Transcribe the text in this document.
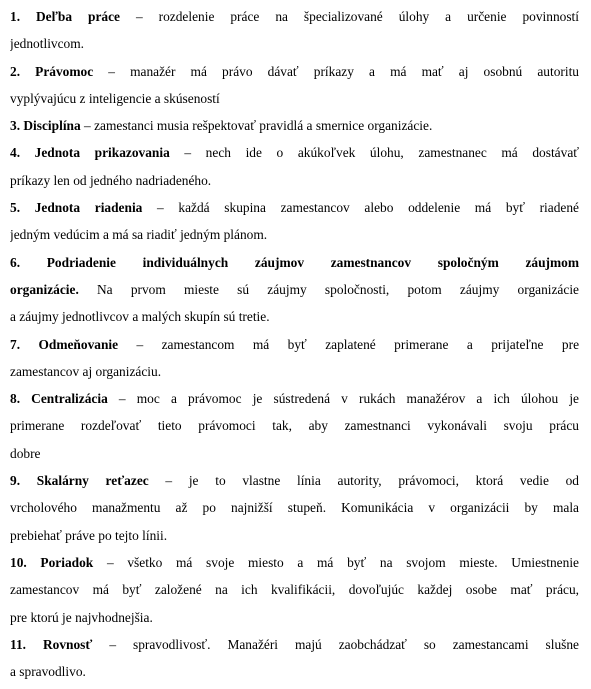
1. Deľba práce – rozdelenie práce na špecializované úlohy a určenie povinností
jednotlivcom.
2. Právomoc – manažér má právo dávať príkazy a má mať aj osobnú autoritu
vyplývajúcu z inteligencie a skúseností
3. Disciplína – zamestanci musia rešpektovať pravidlá a smernice organizácie.
4. Jednota prikazovania – nech ide o akúkoľvek úlohu, zamestnanec má dostávať
príkazy len od jedného nadriadeného.
5. Jednota riadenia – každá skupina zamestancov alebo oddelenie má byť riadené
jedným vedúcim a má sa riadiť jedným plánom.
6. Podriadenie individuálnych záujmov zamestnancov spoločným záujmom
organizácie. Na prvom mieste sú záujmy spoločnosti, potom záujmy organizácie
a záujmy jednotlivcov a malých skupín sú tretie.
7. Odmeňovanie – zamestancom má byť zaplatené primerane a prijateľne pre
zamestancov aj organizáciu.
8. Centralizácia – moc a právomoc je sústredená v rukách manažérov a ich úlohou je
primerane rozdeľovať tieto právomoci tak, aby zamestnanci vykonávali svoju prácu
dobre
9. Skalárny reťazec – je to vlastne línia autority, právomoci, ktorá vedie od
vrcholového manažmentu až po najnižší stupeň. Komunikácia v organizácii by mala
prebiehať práve po tejto línii.
10. Poriadok – všetko má svoje miesto a má byť na svojom mieste. Umiestnenie
zamestancov má byť založené na ich kvalifikácii, dovoľujúc každej osobe mať prácu,
pre ktorú je najvhodnejšia.
11. Rovnosť – spravodlivosť. Manažéri majú zaobchádzať so zamestancami slušne
a spravodlivo.
